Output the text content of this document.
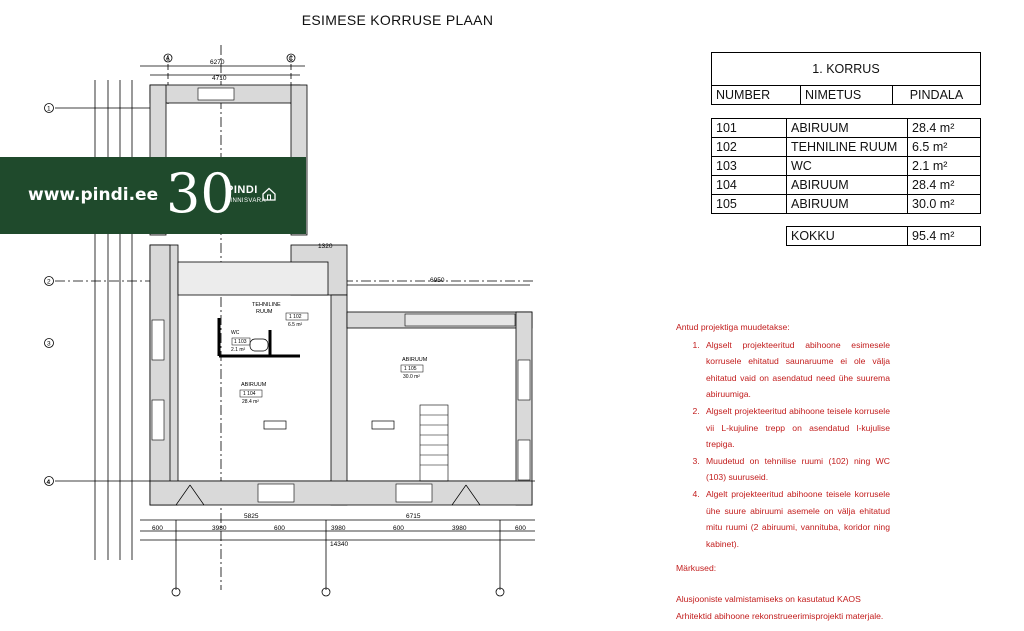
ESIMESE KORRUSE PLAAN
A	C
1
2
3
4
6270
4710
1320
6950
5825	6715
600	3980	600	3980	600	3980	600
14340
TEHNILINE
RUUM
1 102
6.5 m²
WC
1 103
2.1 m²
ABIRUUM
1 104
28.4 m²
ABIRUUM
1 105
30.0 m²
www.pindi.ee 30
PINDI
KINNISVARA
1. KORRUS
NUMBER	NIMETUS	PINDALA
101	ABIRUUM	28.4 m²
102	TEHNILINE RUUM	6.5 m²
103	WC	2.1 m²
104	ABIRUUM	28.4 m²
105	ABIRUUM	30.0 m²
KOKKU	95.4 m²
Antud projektiga muudetakse:
1. Algselt projekteeritud abihoone esimesele korrusele ehitatud saunaruume ei ole välja ehitatud vaid on asendatud need ühe suurema abiruumiga.
2. Algselt projekteeritud abihoone teisele korrusele vii L-kujuline trepp on asendatud l-kujulise trepiga.
3. Muudetud on tehnilise ruumi (102) ning WC (103) suuruseid.
4. Algelt projekteeritud abihoone teisele korrusele ühe suure abiruumi asemele on välja ehitatud mitu ruumi (2 abiruumi, vannituba, koridor ning kabinet).
Märkused:
Alusjooniste valmistamiseks on kasutatud KAOS Arhitektid abihoone rekonstrueerimisprojekti materjale.
